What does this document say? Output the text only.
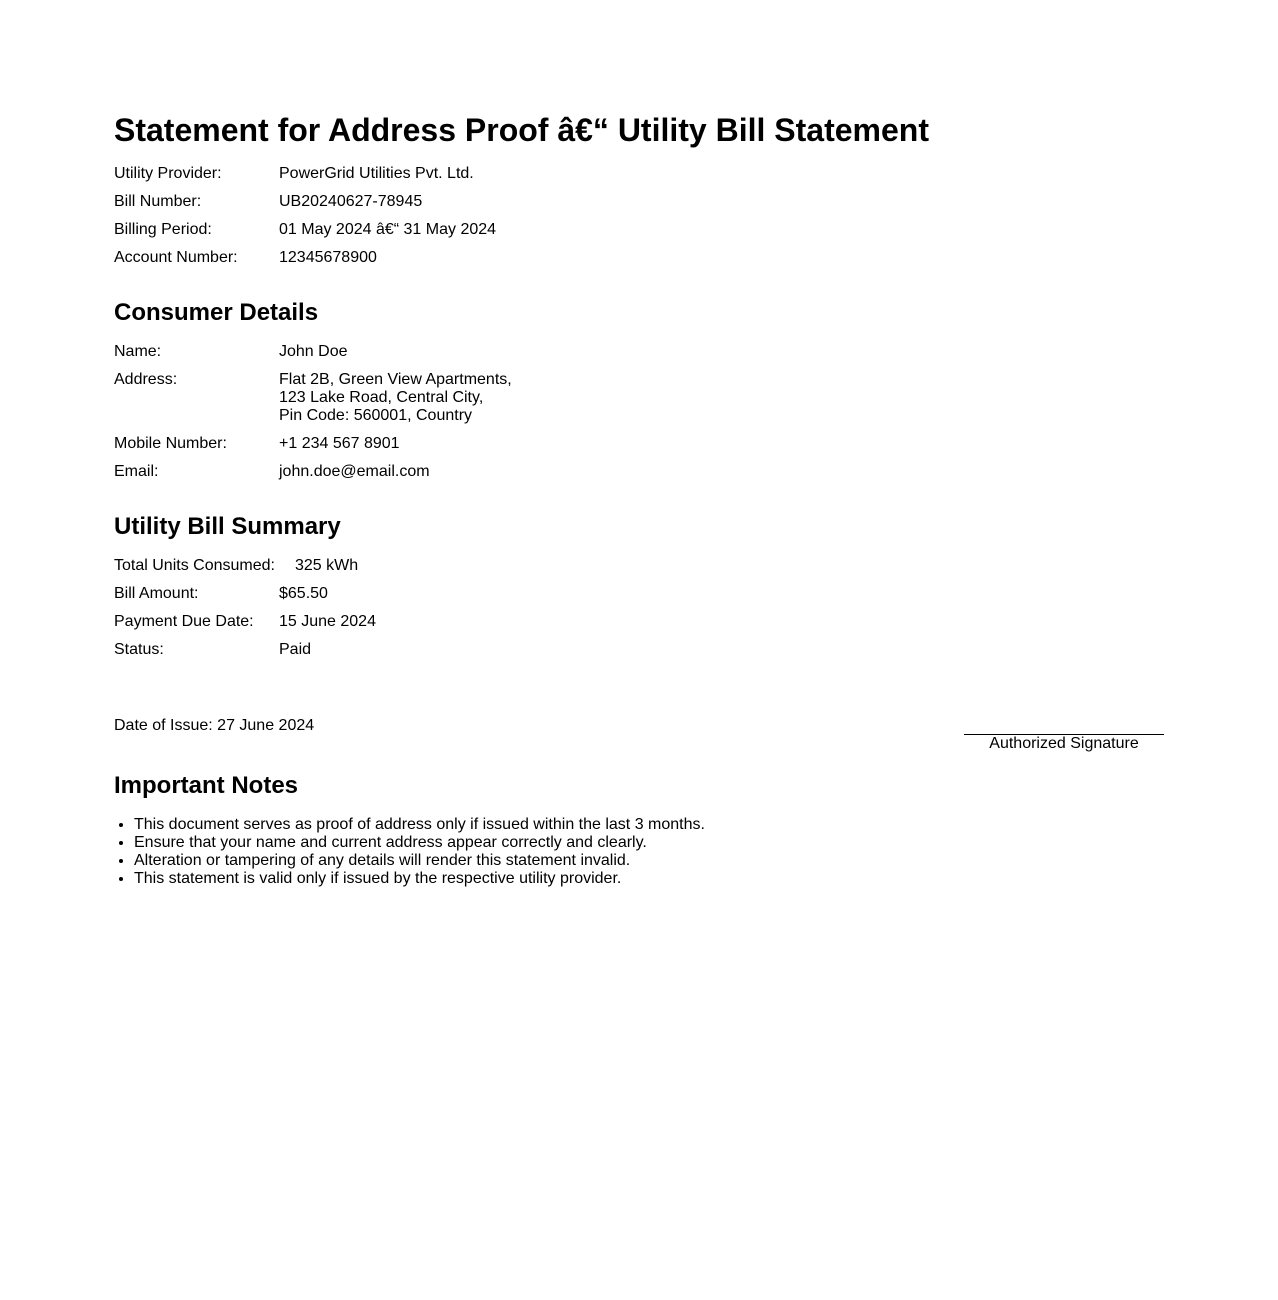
Statement for Address Proof â€“ Utility Bill Statement
Utility Provider:	PowerGrid Utilities Pvt. Ltd.
Bill Number:	UB20240627-78945
Billing Period:	01 May 2024 â€“ 31 May 2024
Account Number:	12345678900
Consumer Details
Name:	John Doe
Address:	Flat 2B, Green View Apartments,
123 Lake Road, Central City,
Pin Code: 560001, Country
Mobile Number:	+1 234 567 8901
Email:	john.doe@email.com
Utility Bill Summary
Total Units Consumed:	325 kWh
Bill Amount:	$65.50
Payment Due Date:	15 June 2024
Status:	Paid
Date of Issue: 27 June 2024
Authorized Signature
Important Notes
• This document serves as proof of address only if issued within the last 3 months.
• Ensure that your name and current address appear correctly and clearly.
• Alteration or tampering of any details will render this statement invalid.
• This statement is valid only if issued by the respective utility provider.
